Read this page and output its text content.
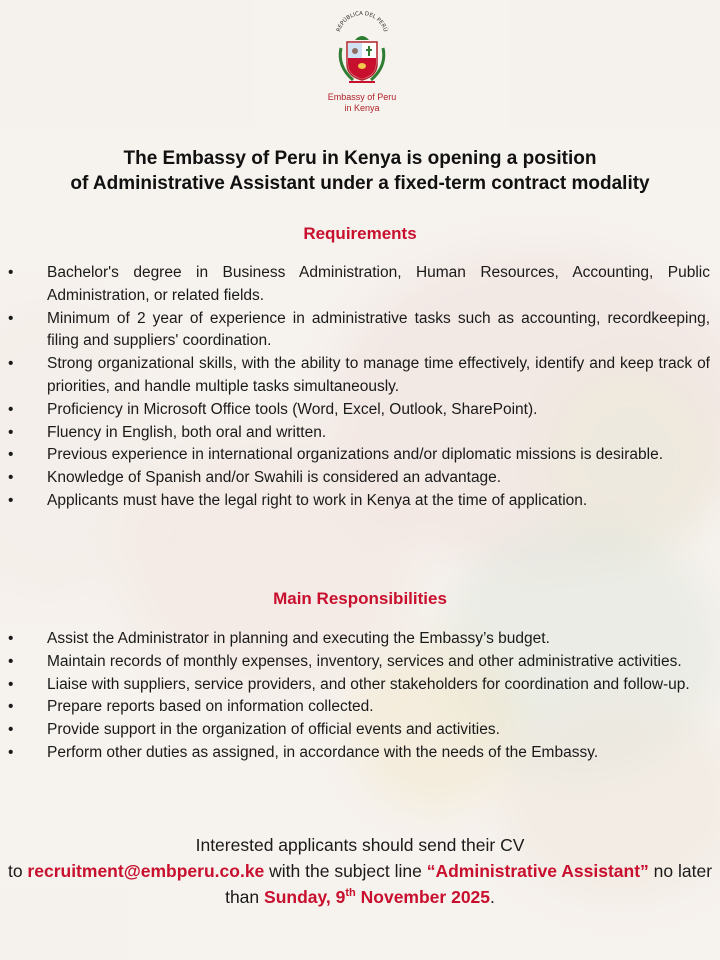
REPÚBLICA DEL PERÚ
Embassy of Peru
in Kenya
The Embassy of Peru in Kenya is opening a position
of Administrative Assistant under a fixed-term contract modality
Requirements
• Bachelor's degree in Business Administration, Human Resources, Accounting, Public Administration, or related fields.
• Minimum of 2 year of experience in administrative tasks such as accounting, recordkeeping, filing and suppliers' coordination.
• Strong organizational skills, with the ability to manage time effectively, identify and keep track of priorities, and handle multiple tasks simultaneously.
• Proficiency in Microsoft Office tools (Word, Excel, Outlook, SharePoint).
• Fluency in English, both oral and written.
• Previous experience in international organizations and/or diplomatic missions is desirable.
• Knowledge of Spanish and/or Swahili is considered an advantage.
• Applicants must have the legal right to work in Kenya at the time of application.
Main Responsibilities
• Assist the Administrator in planning and executing the Embassy’s budget.
• Maintain records of monthly expenses, inventory, services and other administrative activities.
• Liaise with suppliers, service providers, and other stakeholders for coordination and follow-up.
• Prepare reports based on information collected.
• Provide support in the organization of official events and activities.
• Perform other duties as assigned, in accordance with the needs of the Embassy.
Interested applicants should send their CV
to recruitment@embperu.co.ke with the subject line “Administrative Assistant” no later than Sunday, 9th November 2025.
